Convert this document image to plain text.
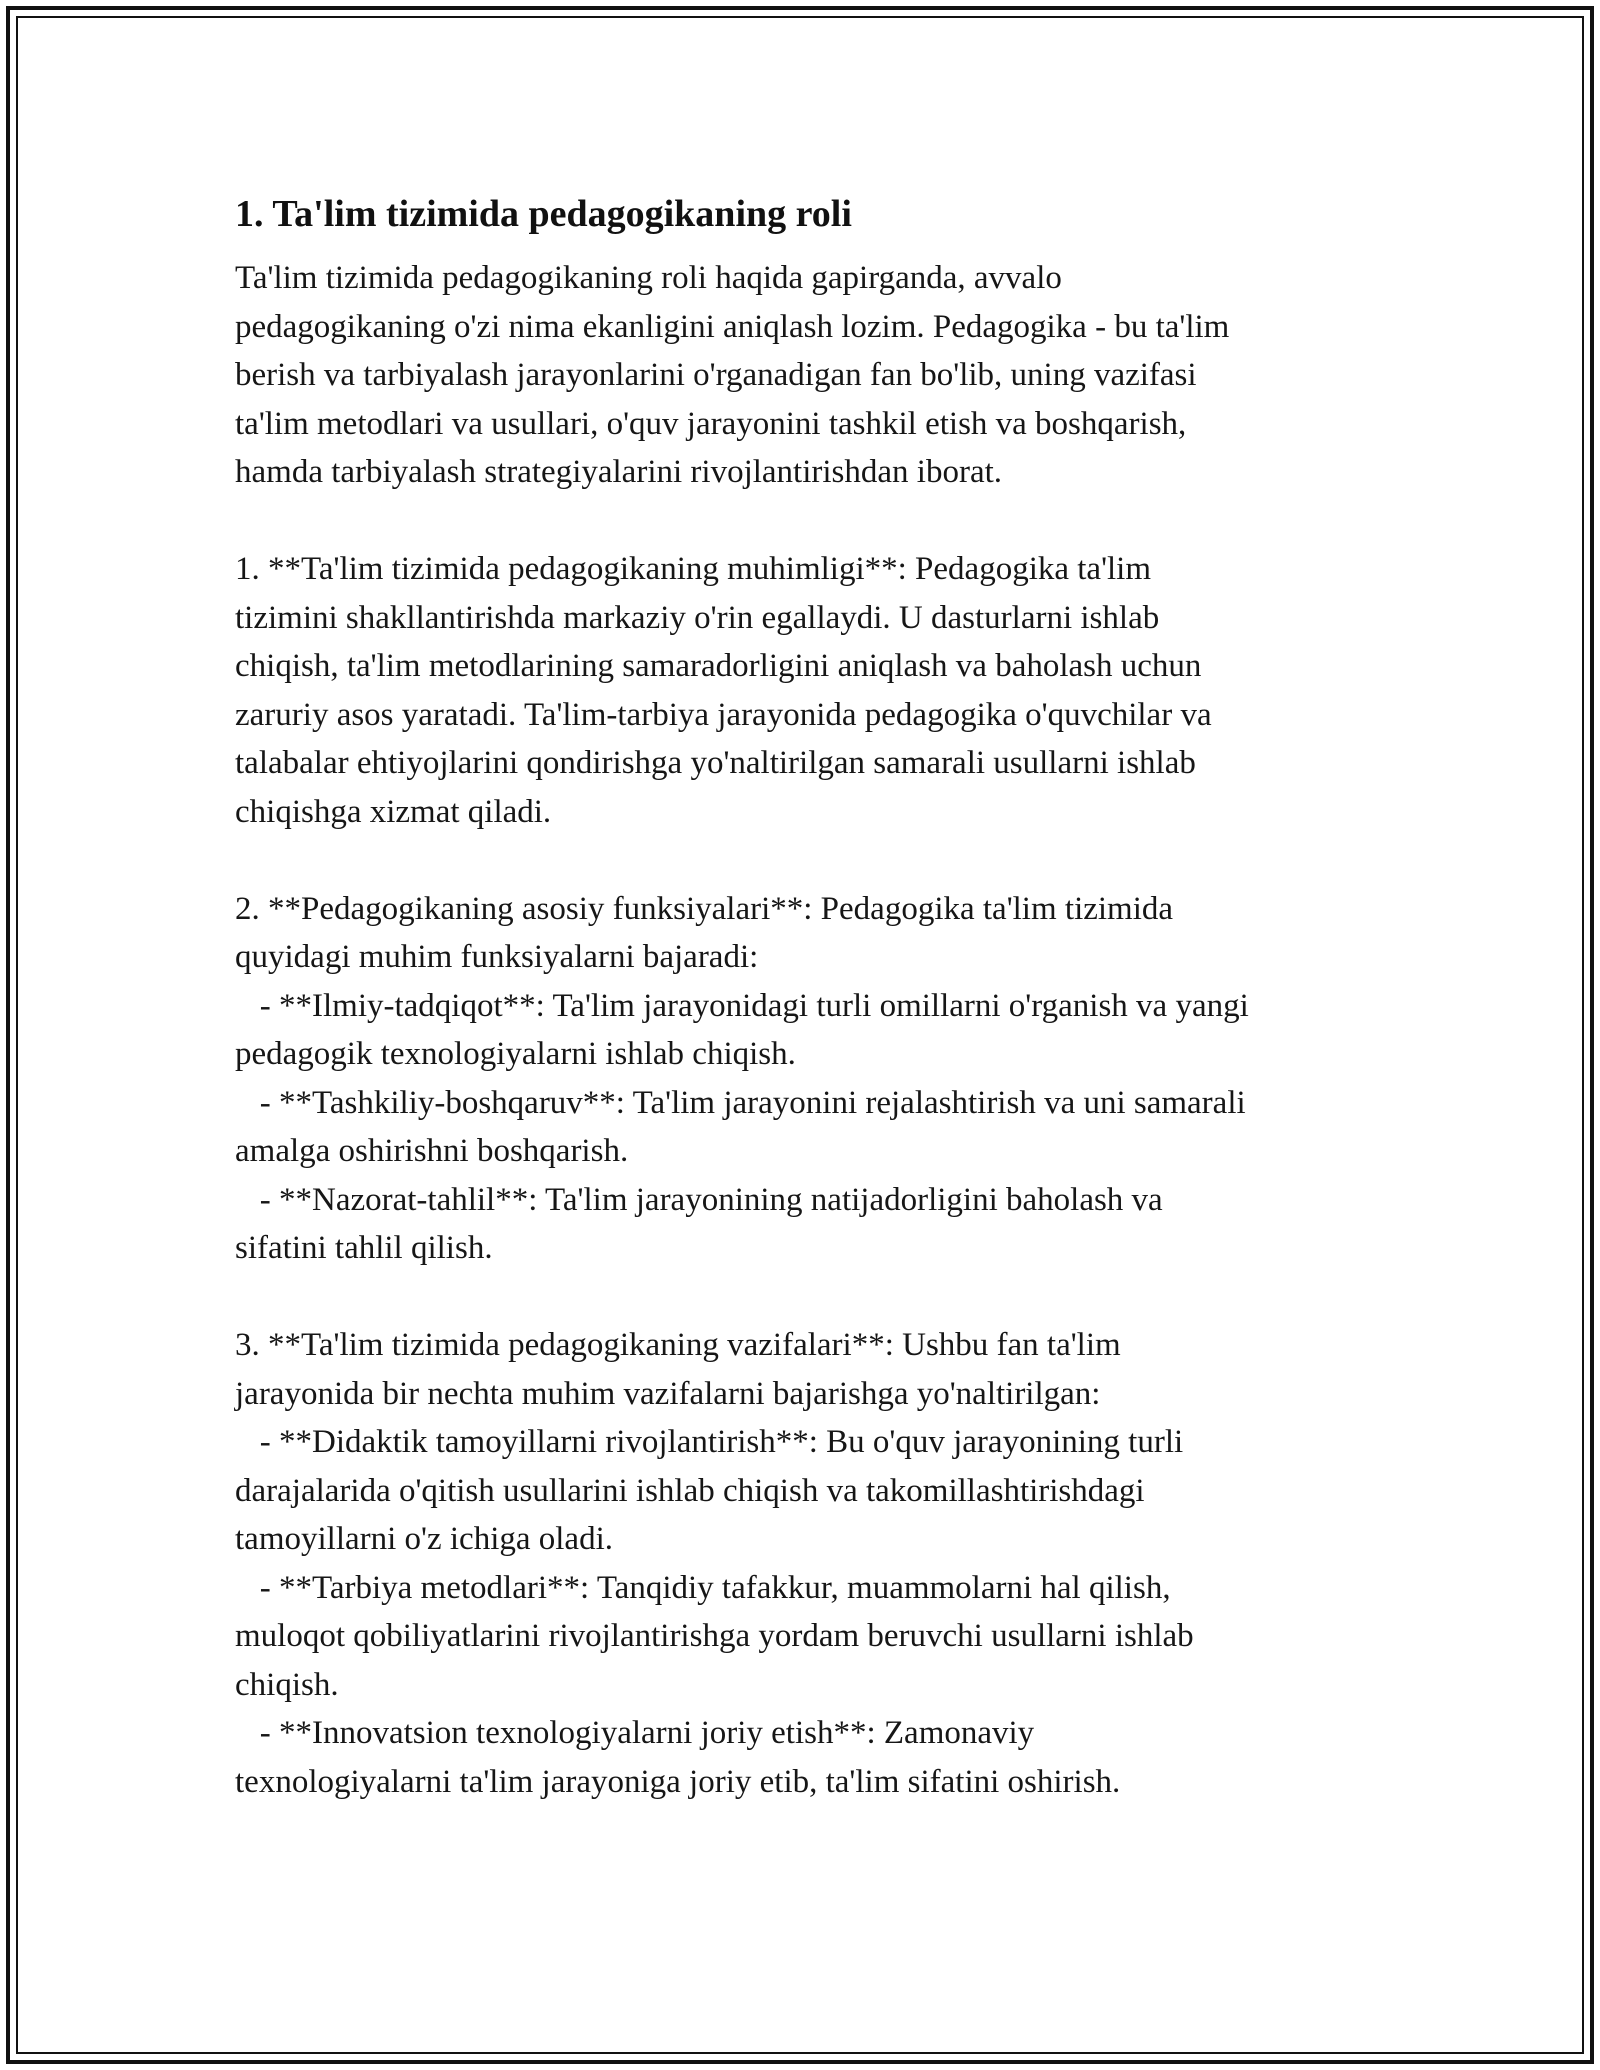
1. Ta'lim tizimida pedagogikaning roli
Ta'lim tizimida pedagogikaning roli haqida gapirganda, avvalo
pedagogikaning o'zi nima ekanligini aniqlash lozim. Pedagogika - bu ta'lim
berish va tarbiyalash jarayonlarini o'rganadigan fan bo'lib, uning vazifasi
ta'lim metodlari va usullari, o'quv jarayonini tashkil etish va boshqarish,
hamda tarbiyalash strategiyalarini rivojlantirishdan iborat.

1. **Ta'lim tizimida pedagogikaning muhimligi**: Pedagogika ta'lim
tizimini shakllantirishda markaziy o'rin egallaydi. U dasturlarni ishlab
chiqish, ta'lim metodlarining samaradorligini aniqlash va baholash uchun
zaruriy asos yaratadi. Ta'lim-tarbiya jarayonida pedagogika o'quvchilar va
talabalar ehtiyojlarini qondirishga yo'naltirilgan samarali usullarni ishlab
chiqishga xizmat qiladi.

2. **Pedagogikaning asosiy funksiyalari**: Pedagogika ta'lim tizimida
quyidagi muhim funksiyalarni bajaradi:
- **Ilmiy-tadqiqot**: Ta'lim jarayonidagi turli omillarni o'rganish va yangi
pedagogik texnologiyalarni ishlab chiqish.
- **Tashkiliy-boshqaruv**: Ta'lim jarayonini rejalashtirish va uni samarali
amalga oshirishni boshqarish.
- **Nazorat-tahlil**: Ta'lim jarayonining natijadorligini baholash va
sifatini tahlil qilish.

3. **Ta'lim tizimida pedagogikaning vazifalari**: Ushbu fan ta'lim
jarayonida bir nechta muhim vazifalarni bajarishga yo'naltirilgan:
- **Didaktik tamoyillarni rivojlantirish**: Bu o'quv jarayonining turli
darajalarida o'qitish usullarini ishlab chiqish va takomillashtirishdagi
tamoyillarni o'z ichiga oladi.
- **Tarbiya metodlari**: Tanqidiy tafakkur, muammolarni hal qilish,
muloqot qobiliyatlarini rivojlantirishga yordam beruvchi usullarni ishlab
chiqish.
- **Innovatsion texnologiyalarni joriy etish**: Zamonaviy
texnologiyalarni ta'lim jarayoniga joriy etib, ta'lim sifatini oshirish.
